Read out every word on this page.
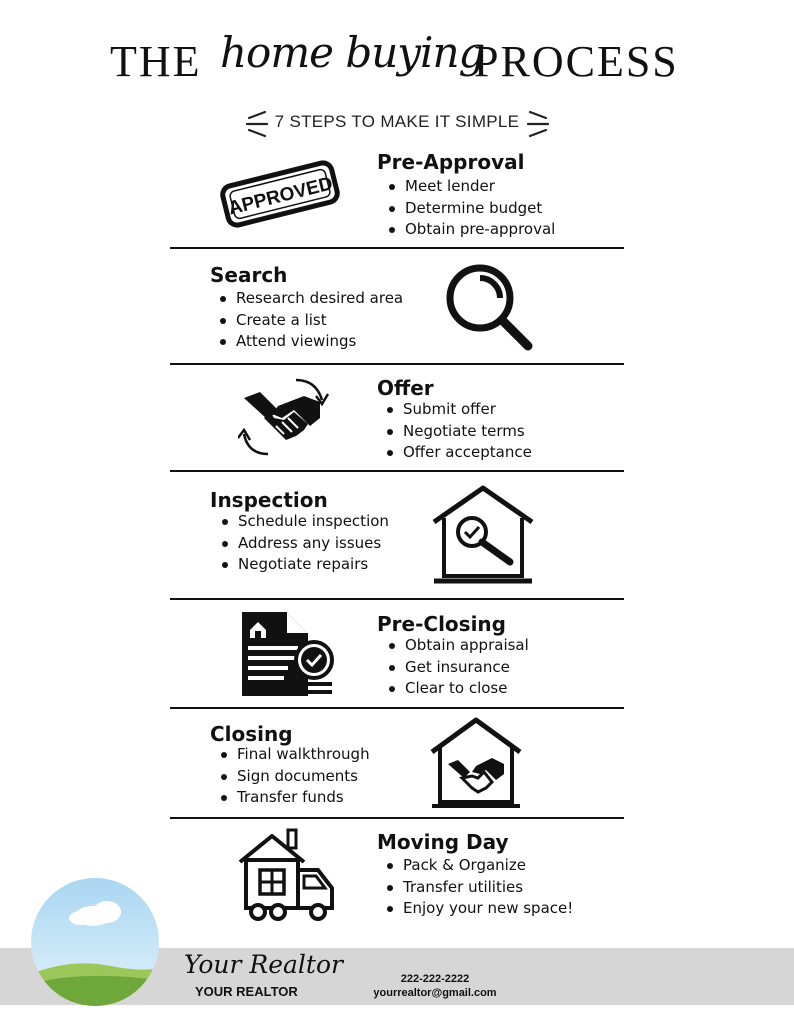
THE home buying
PROCESS
7 STEPS TO MAKE IT SIMPLE
Pre-Approval
Meet lender
Determine budget
Obtain pre-approval
APPROVED
Search
Research desired area
Create a list
Attend viewings
Offer
Submit offer
Negotiate terms
Offer acceptance
Inspection
Schedule inspection
Address any issues
Negotiate repairs
Pre-Closing
Obtain appraisal
Get insurance
Clear to close
Closing
Final walkthrough
Sign documents
Transfer funds
Moving Day
Pack & Organize
Transfer utilities
Enjoy your new space!
Your Realtor
YOUR REALTOR
222-222-2222
yourrealtor@gmail.com
